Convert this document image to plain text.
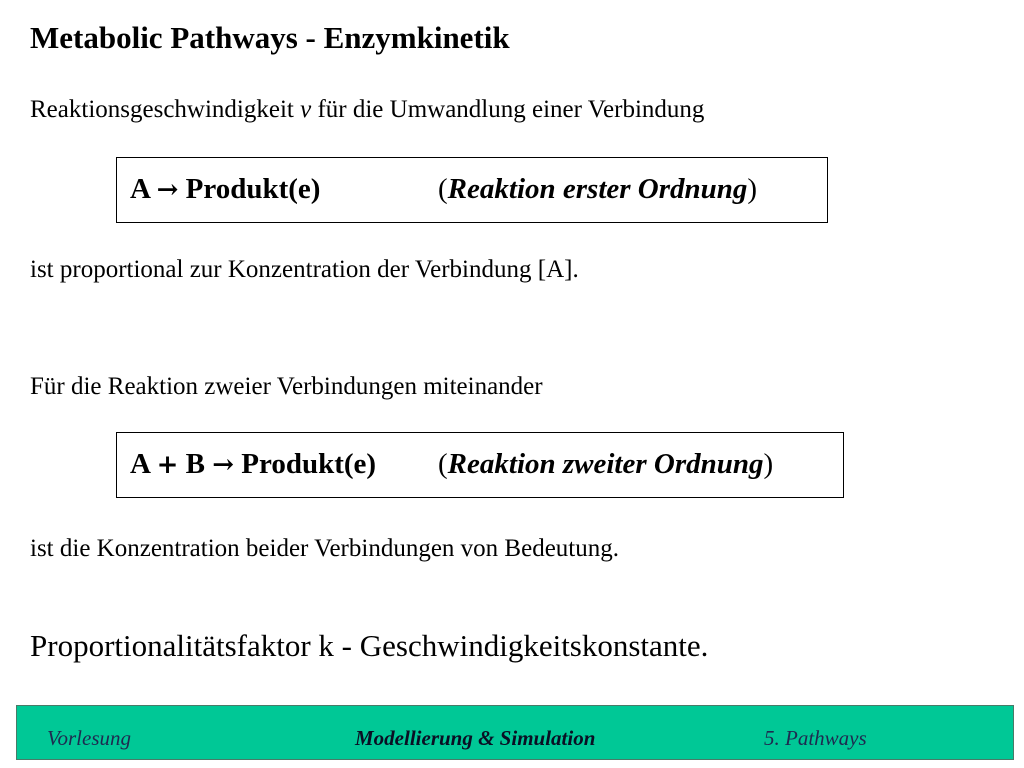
Metabolic Pathways - Enzymkinetik
Reaktionsgeschwindigkeit v für die Umwandlung einer Verbindung
A → Produkt(e)	(Reaktion erster Ordnung)
ist proportional zur Konzentration der Verbindung [A].
Für die Reaktion zweier Verbindungen miteinander
A + B → Produkt(e) (Reaktion zweiter Ordnung)
ist die Konzentration beider Verbindungen von Bedeutung.
Proportionalitätsfaktor k - Geschwindigkeitskonstante.
Vorlesung	Modellierung & Simulation	5. Pathways
